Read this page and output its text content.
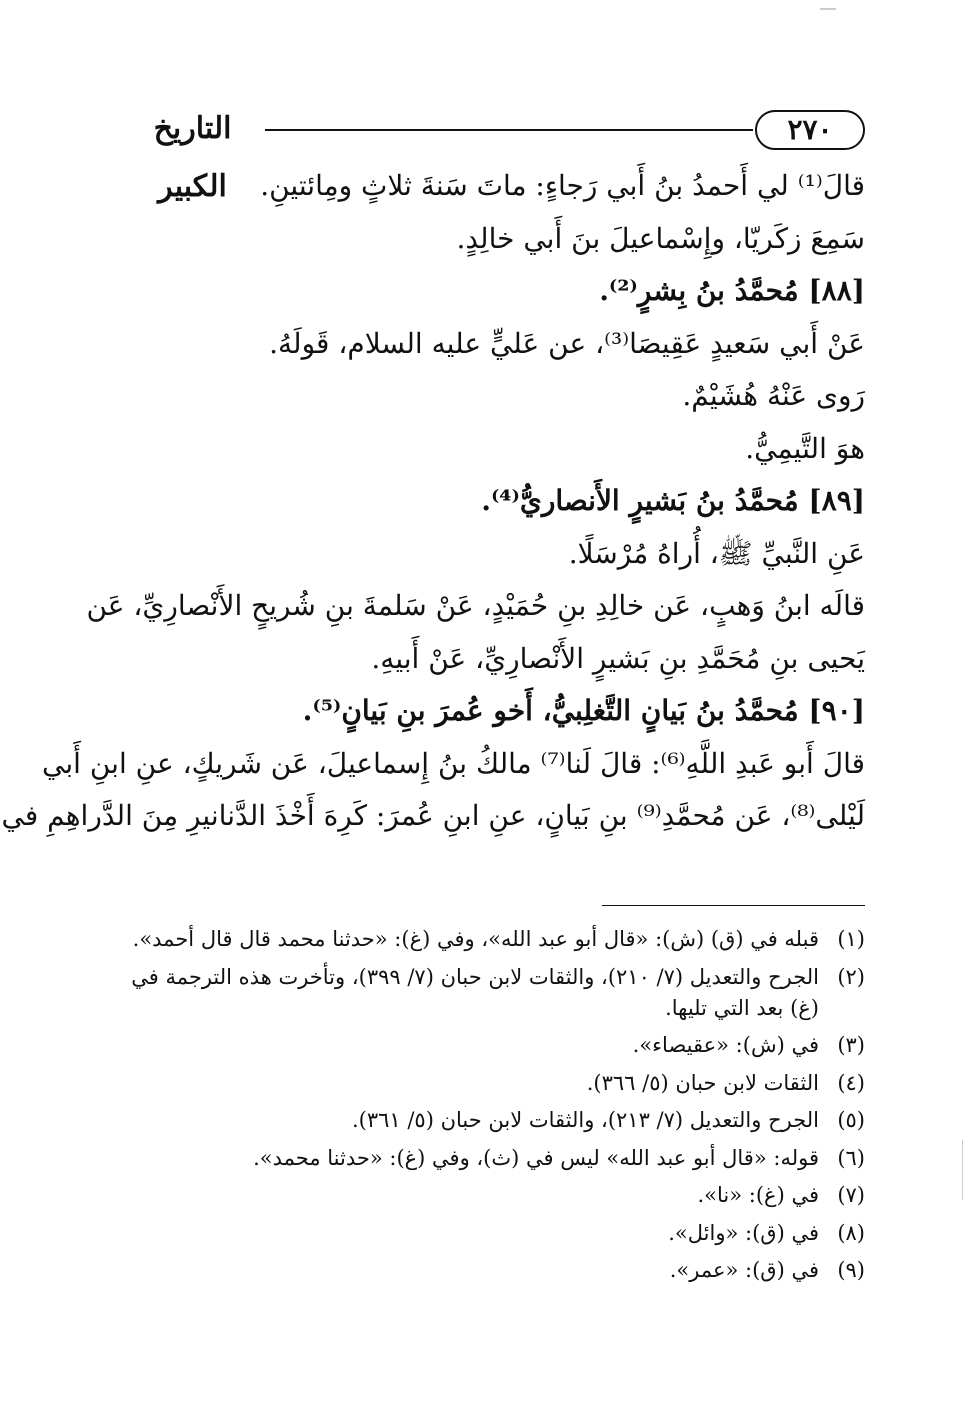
التاريخ الكبير
٢٧٠
قالَ⁽¹⁾ لي أَحمدُ بنُ أَبي رَجاءٍ: ماتَ سَنةَ ثلاثٍ ومِائتينِ.
سَمِعَ زكَريّا، وإِسْماعيلَ بنَ أَبي خالِدٍ.
[٨٨] مُحمَّدُ بنُ بِشرٍ⁽²⁾.
عَنْ أَبي سَعيدٍ عَقِيصَا⁽³⁾، عن عَليٍّ عليه السلام، قَولَهُ.
رَوى عَنْهُ هُشَيْمٌ.
هوَ التَّيمِيُّ.
[٨٩] مُحمَّدُ بنُ بَشيرٍ الأَنصاريُّ⁽⁴⁾.
عَنِ النَّبيِّ ﷺ، أُراهُ مُرْسَلًا.
قالَه ابنُ وَهبٍ، عَن خالِدِ بنِ حُمَيْدٍ، عَنْ سَلمةَ بنِ شُريحٍ الأَنْصارِيِّ، عَن
يَحيى بنِ مُحَمَّدِ بنِ بَشيرٍ الأَنْصارِيِّ، عَنْ أَبيهِ.
[٩٠] مُحمَّدُ بنُ بَيانٍ التَّغلِبيُّ، أَخو عُمرَ بنِ بَيانٍ⁽⁵⁾.
قالَ أَبو عَبدِ اللَّهِ⁽⁶⁾: قالَ لَنا⁽⁷⁾ مالكُ بنُ إِسماعيلَ، عَن شَريكٍ، عنِ ابنِ أَبي
لَيْلى⁽⁸⁾، عَن مُحمَّدِ⁽⁹⁾ بنِ بَيانٍ، عنِ ابنِ عُمرَ: كَرِهَ أَخْذَ الدَّنانيرِ مِنَ الدَّراهِمِ في
(١)
قبله في (ق) (ش): «قال أبو عبد الله»، وفي (غ): «حدثنا محمد قال قال أحمد».
(٢)
الجرح والتعديل (٧/ ٢١٠)، والثقات لابن حبان (٧/ ٣٩٩)، وتأخرت هذه الترجمة في (غ) بعد التي تليها.
(٣)
في (ش): «عقيصاء».
(٤)
الثقات لابن حبان (٥/ ٣٦٦).
(٥)
الجرح والتعديل (٧/ ٢١٣)، والثقات لابن حبان (٥/ ٣٦١).
(٦)
قوله: «قال أبو عبد الله» ليس في (ث)، وفي (غ): «حدثنا محمد».
(٧)
في (غ): «نا».
(٨)
في (ق): «وائل».
(٩)
في (ق): «عمر».
